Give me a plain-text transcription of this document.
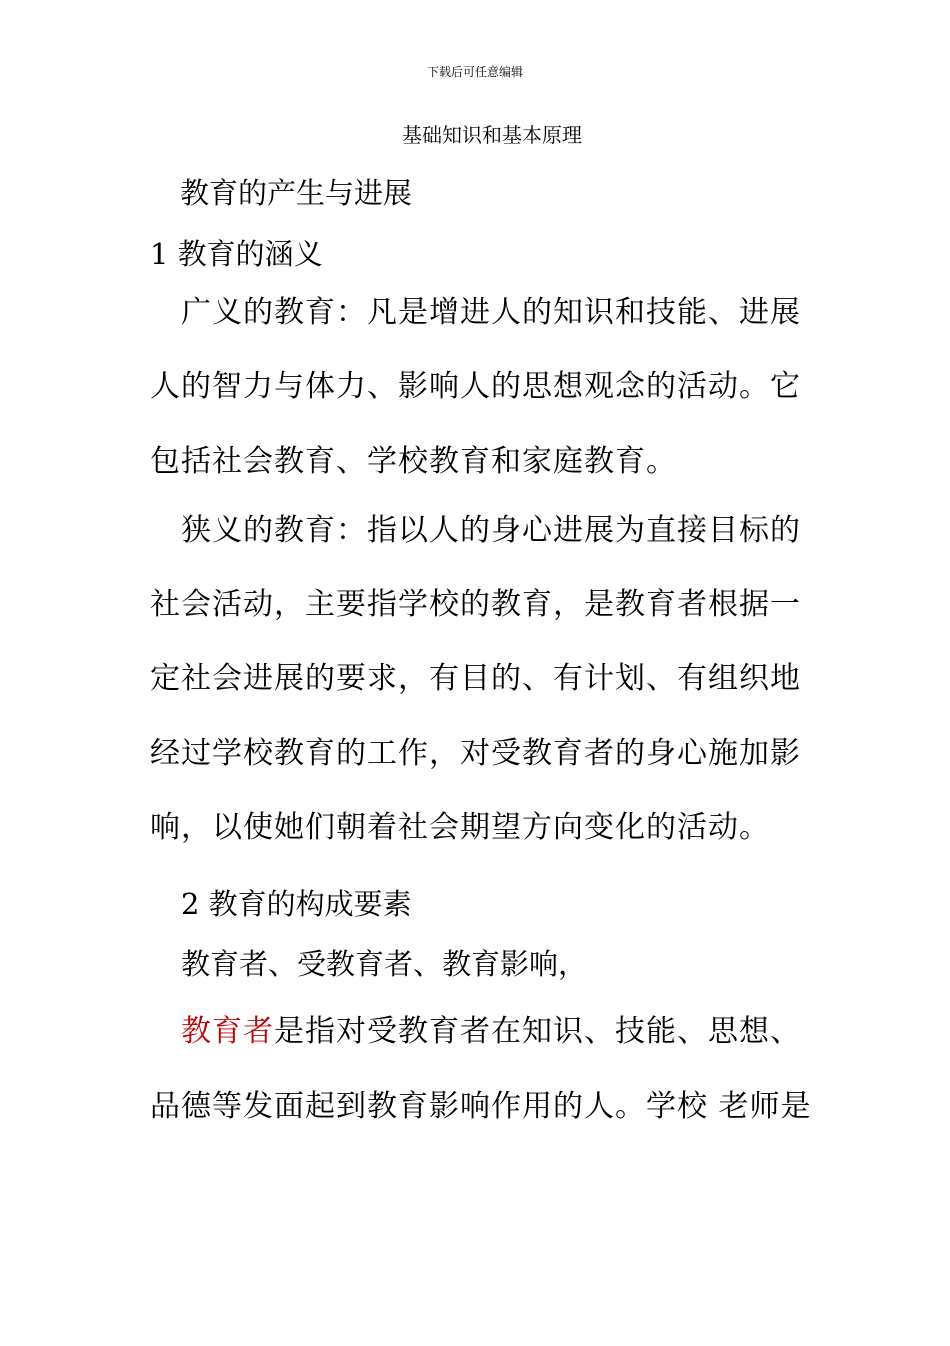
下载后可任意编辑
基础知识和基本原理
教育的产生与进展
1 教育的涵义
广义的教育：凡是增进人的知识和技能、进展
人的智力与体力、影响人的思想观念的活动。它
包括社会教育、学校教育和家庭教育。
狭义的教育：指以人的身心进展为直接目标的
社会活动，主要指学校的教育，是教育者根据一
定社会进展的要求，有目的、有计划、有组织地
经过学校教育的工作，对受教育者的身心施加影
响，以使她们朝着社会期望方向变化的活动。
2 教育的构成要素
教育者、受教育者、教育影响，
教育者是指对受教育者在知识、技能、思想、
品德等发面起到教育影响作用的人。学校 老师是
